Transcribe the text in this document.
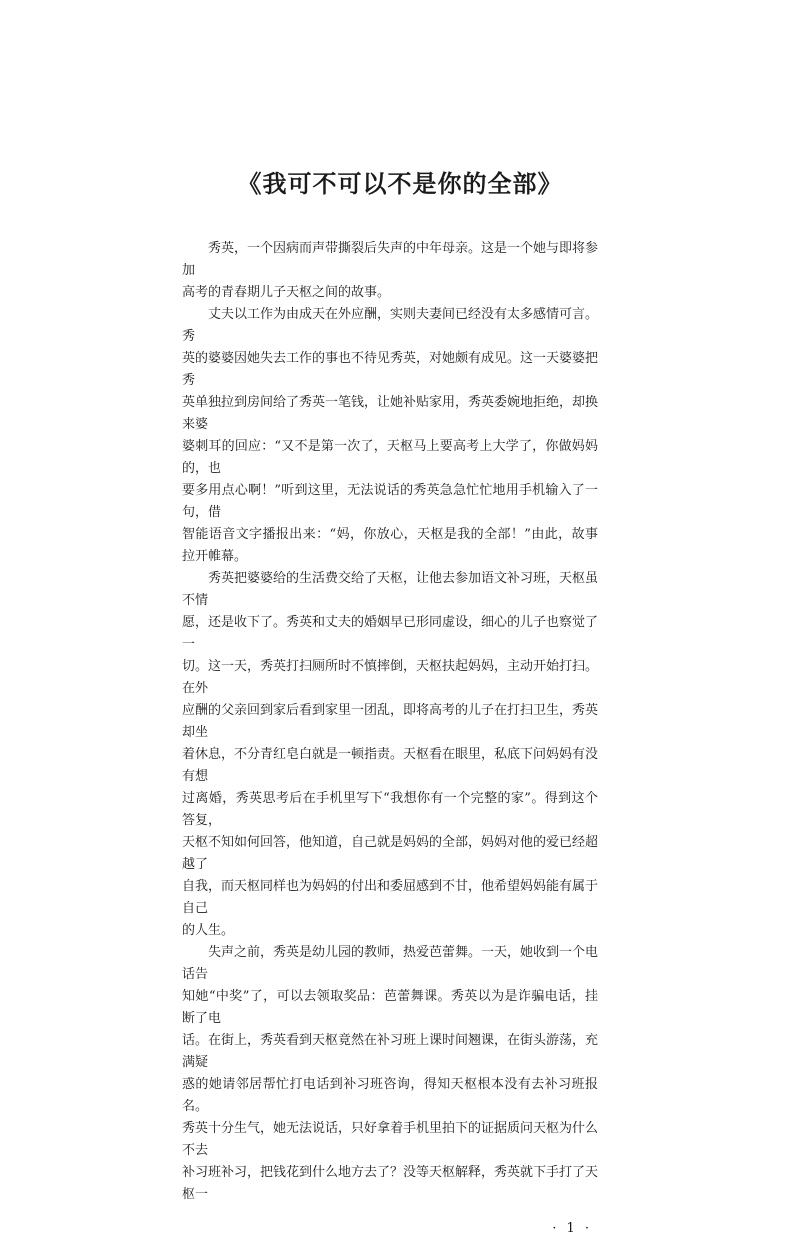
《我可不可以不是你的全部》
秀英，一个因病而声带撕裂后失声的中年母亲。这是一个她与即将参加
高考的青春期儿子天枢之间的故事。
丈夫以工作为由成天在外应酬，实则夫妻间已经没有太多感情可言。秀
英的婆婆因她失去工作的事也不待见秀英，对她颇有成见。这一天婆婆把秀
英单独拉到房间给了秀英一笔钱，让她补贴家用，秀英委婉地拒绝，却换来婆
婆刺耳的回应：“又不是第一次了，天枢马上要高考上大学了，你做妈妈的，也
要多用点心啊！”听到这里，无法说话的秀英急急忙忙地用手机输入了一句，借
智能语音文字播报出来：“妈，你放心，天枢是我的全部！”由此，故事拉开帷幕。
秀英把婆婆给的生活费交给了天枢，让他去参加语文补习班，天枢虽不情
愿，还是收下了。秀英和丈夫的婚姻早已形同虚设，细心的儿子也察觉了一
切。这一天，秀英打扫厕所时不慎摔倒，天枢扶起妈妈，主动开始打扫。在外
应酬的父亲回到家后看到家里一团乱，即将高考的儿子在打扫卫生，秀英却坐
着休息，不分青红皂白就是一顿指责。天枢看在眼里，私底下问妈妈有没有想
过离婚，秀英思考后在手机里写下“我想你有一个完整的家”。得到这个答复，
天枢不知如何回答，他知道，自己就是妈妈的全部，妈妈对他的爱已经超越了
自我，而天枢同样也为妈妈的付出和委屈感到不甘，他希望妈妈能有属于自己
的人生。
失声之前，秀英是幼儿园的教师，热爱芭蕾舞。一天，她收到一个电话告
知她“中奖”了，可以去领取奖品：芭蕾舞课。秀英以为是诈骗电话，挂断了电
话。在街上，秀英看到天枢竟然在补习班上课时间翘课，在街头游荡，充满疑
惑的她请邻居帮忙打电话到补习班咨询，得知天枢根本没有去补习班报名。
秀英十分生气，她无法说话，只好拿着手机里拍下的证据质问天枢为什么不去
补习班补习，把钱花到什么地方去了？没等天枢解释，秀英就下手打了天枢一
· 1 ·
